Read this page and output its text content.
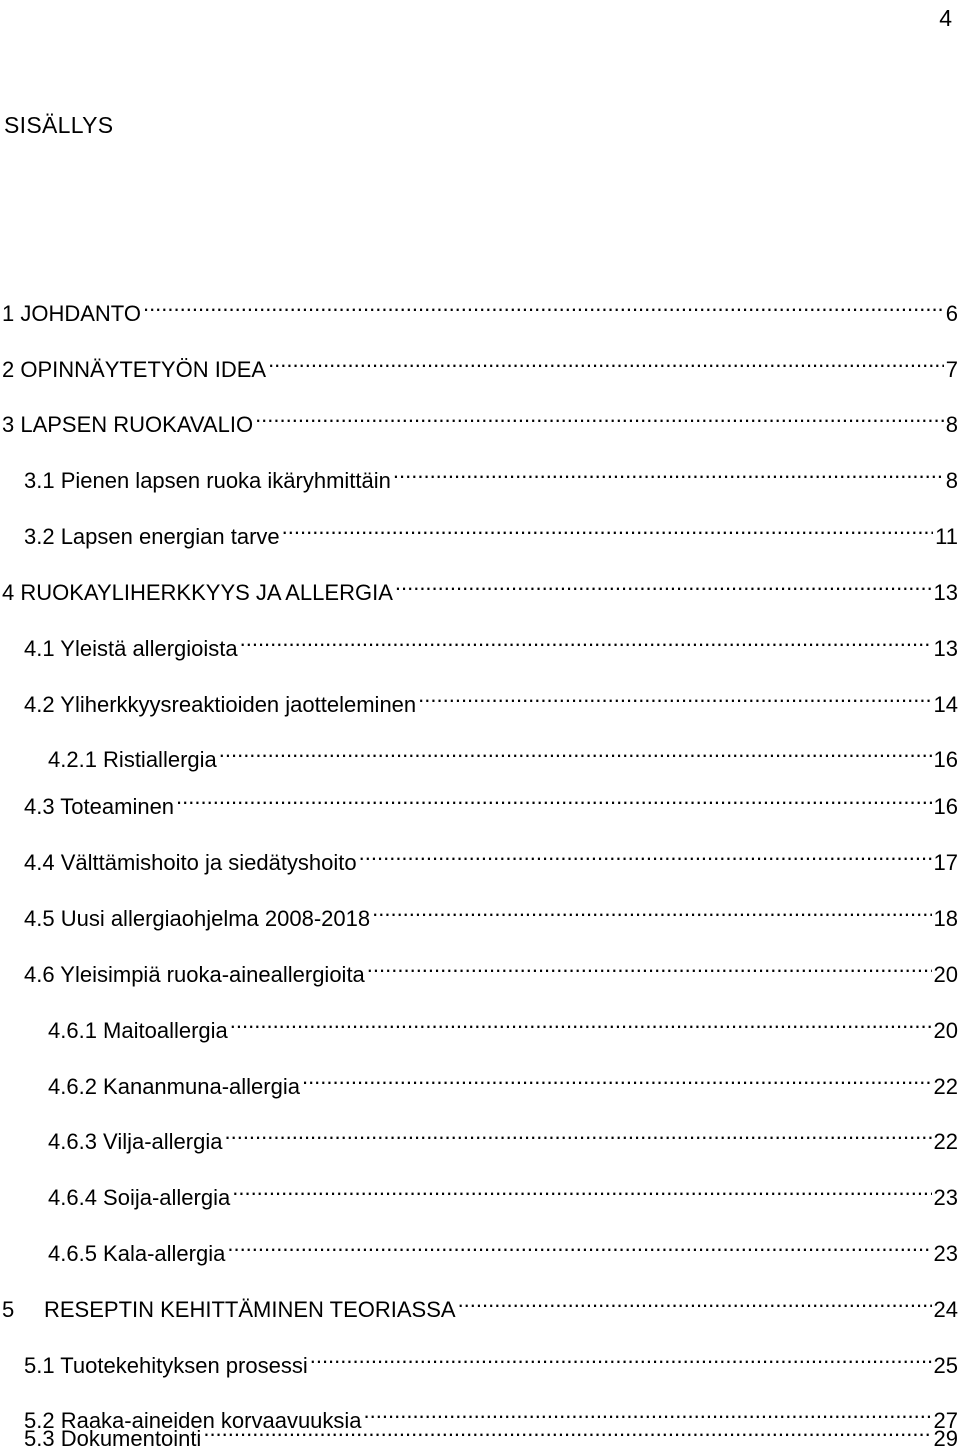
4
SISÄLLYS
1 JOHDANTO .....	6
2 OPINNÄYTETYÖN IDEA .....	7
3 LAPSEN RUOKAVALIO .....	8
3.1 Pienen lapsen ruoka ikäryhmittäin .....	8
3.2 Lapsen energian tarve .....	11
4 RUOKAYLIHERKKYYS JA ALLERGIA .....	13
4.1 Yleistä allergioista .....	13
4.2 Yliherkkyysreaktioiden jaotteleminen .....	14
4.2.1 Ristiallergia .....	16
4.3 Toteaminen .....	16
4.4 Välttämishoito ja siedätyshoito .....	17
4.5 Uusi allergiaohjelma 2008-2018 .....	18
4.6 Yleisimpiä ruoka-aineallergioita .....	20
4.6.1 Maitoallergia .....	20
4.6.2 Kananmuna-allergia .....	22
4.6.3 Vilja-allergia .....	22
4.6.4 Soija-allergia .....	23
4.6.5 Kala-allergia .....	23
5 RESEPTIN KEHITTÄMINEN TEORIASSA .....	24
5.1 Tuotekehityksen prosessi .....	25
5.2 Raaka-aineiden korvaavuuksia .....	27
5.3 Dokumentointi .....	29
